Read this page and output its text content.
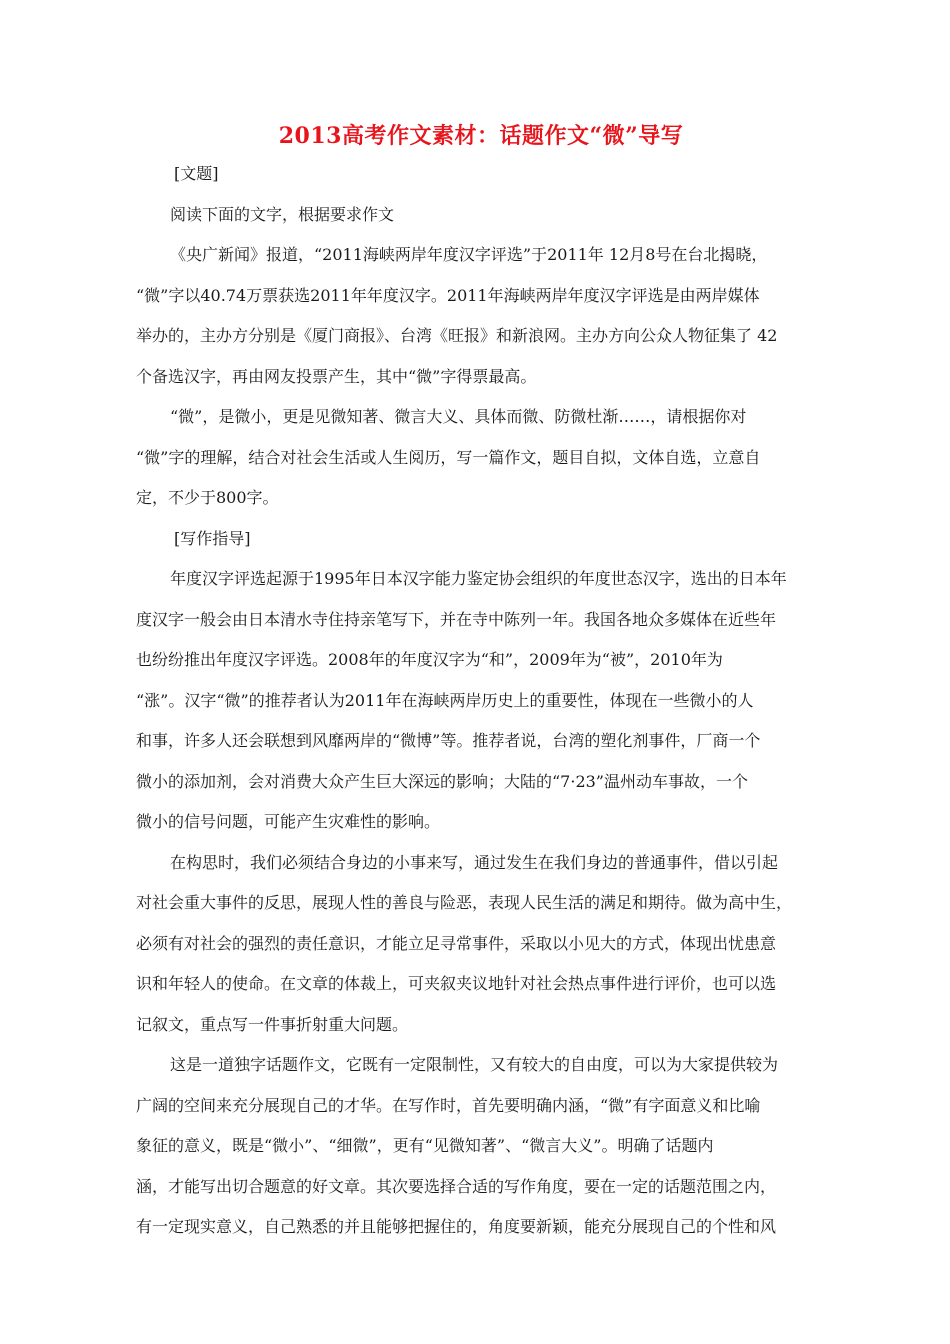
2013高考作文素材：话题作文“微”导写
[文题]
阅读下面的文字，根据要求作文
《央广新闻》报道，“2011海峡两岸年度汉字评选”于2011年 12月8号在台北揭晓，
“微”字以40.74万票获选2011年年度汉字。2011年海峡两岸年度汉字评选是由两岸媒体
举办的，主办方分别是《厦门商报》、台湾《旺报》和新浪网。主办方向公众人物征集了 42
个备选汉字，再由网友投票产生，其中“微”字得票最高。
“微”，是微小，更是见微知著、微言大义、具体而微、防微杜渐……，请根据你对
“微”字的理解，结合对社会生活或人生阅历，写一篇作文，题目自拟，文体自选，立意自
定，不少于800字。
[写作指导]
年度汉字评选起源于1995年日本汉字能力鉴定协会组织的年度世态汉字，选出的日本年
度汉字一般会由日本清水寺住持亲笔写下，并在寺中陈列一年。我国各地众多媒体在近些年
也纷纷推出年度汉字评选。2008年的年度汉字为“和”，2009年为“被”，2010年为
“涨”。汉字“微”的推荐者认为2011年在海峡两岸历史上的重要性，体现在一些微小的人
和事，许多人还会联想到风靡两岸的“微博”等。推荐者说，台湾的塑化剂事件，厂商一个
微小的添加剂，会对消费大众产生巨大深远的影响；大陆的“7·23”温州动车事故，一个
微小的信号问题，可能产生灾难性的影响。
在构思时，我们必须结合身边的小事来写，通过发生在我们身边的普通事件，借以引起
对社会重大事件的反思，展现人性的善良与险恶，表现人民生活的满足和期待。做为高中生，
必须有对社会的强烈的责任意识，才能立足寻常事件，采取以小见大的方式，体现出忧患意
识和年轻人的使命。在文章的体裁上，可夹叙夹议地针对社会热点事件进行评价，也可以选
记叙文，重点写一件事折射重大问题。
这是一道独字话题作文，它既有一定限制性，又有较大的自由度，可以为大家提供较为
广阔的空间来充分展现自己的才华。在写作时，首先要明确内涵，“微”有字面意义和比喻
象征的意义，既是“微小”、“细微”，更有“见微知著”、“微言大义”。明确了话题内
涵，才能写出切合题意的好文章。其次要选择合适的写作角度，要在一定的话题范围之内，
有一定现实意义，自己熟悉的并且能够把握住的，角度要新颖，能充分展现自己的个性和风
